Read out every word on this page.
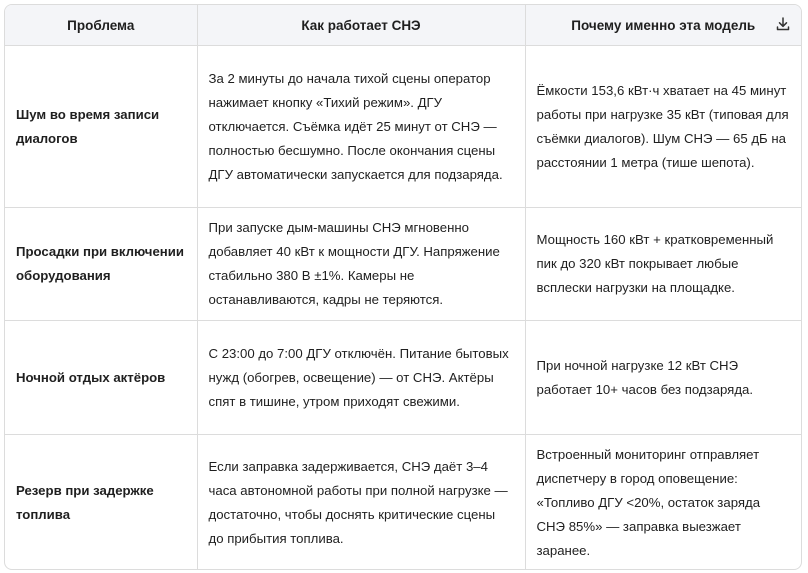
Проблема	Как работает СНЭ	Почему именно эта модель

Шум во время записи диалогов	За 2 минуты до начала тихой сцены оператор нажимает кнопку «Тихий режим». ДГУ отключается. Съёмка идёт 25 минут от СНЭ — полностью бесшумно. После окончания сцены ДГУ автоматически запускается для подзаряда.	Ёмкости 153,6 кВт·ч хватает на 45 минут работы при нагрузке 35 кВт (типовая для съёмки диалогов). Шум СНЭ — 65 дБ на расстоянии 1 метра (тише шепота).
Просадки при включении оборудования	При запуске дым-машины СНЭ мгновенно добавляет 40 кВт к мощности ДГУ. Напряжение стабильно 380 В ±1%. Камеры не останавливаются, кадры не теряются.	Мощность 160 кВт + кратковременный пик до 320 кВт покрывает любые всплески нагрузки на площадке.
Ночной отдых актёров	С 23:00 до 7:00 ДГУ отключён. Питание бытовых нужд (обогрев, освещение) — от СНЭ. Актёры спят в тишине, утром приходят свежими.	При ночной нагрузке 12 кВт СНЭ работает 10+ часов без подзаряда.
Резерв при задержке топлива	Если заправка задерживается, СНЭ даёт 3–4 часа автономной работы при полной нагрузке — достаточно, чтобы доснять критические сцены до прибытия топлива.	Встроенный мониторинг отправляет диспетчеру в город оповещение: «Топливо ДГУ <20%, остаток заряда СНЭ 85%» — заправка выезжает заранее.
